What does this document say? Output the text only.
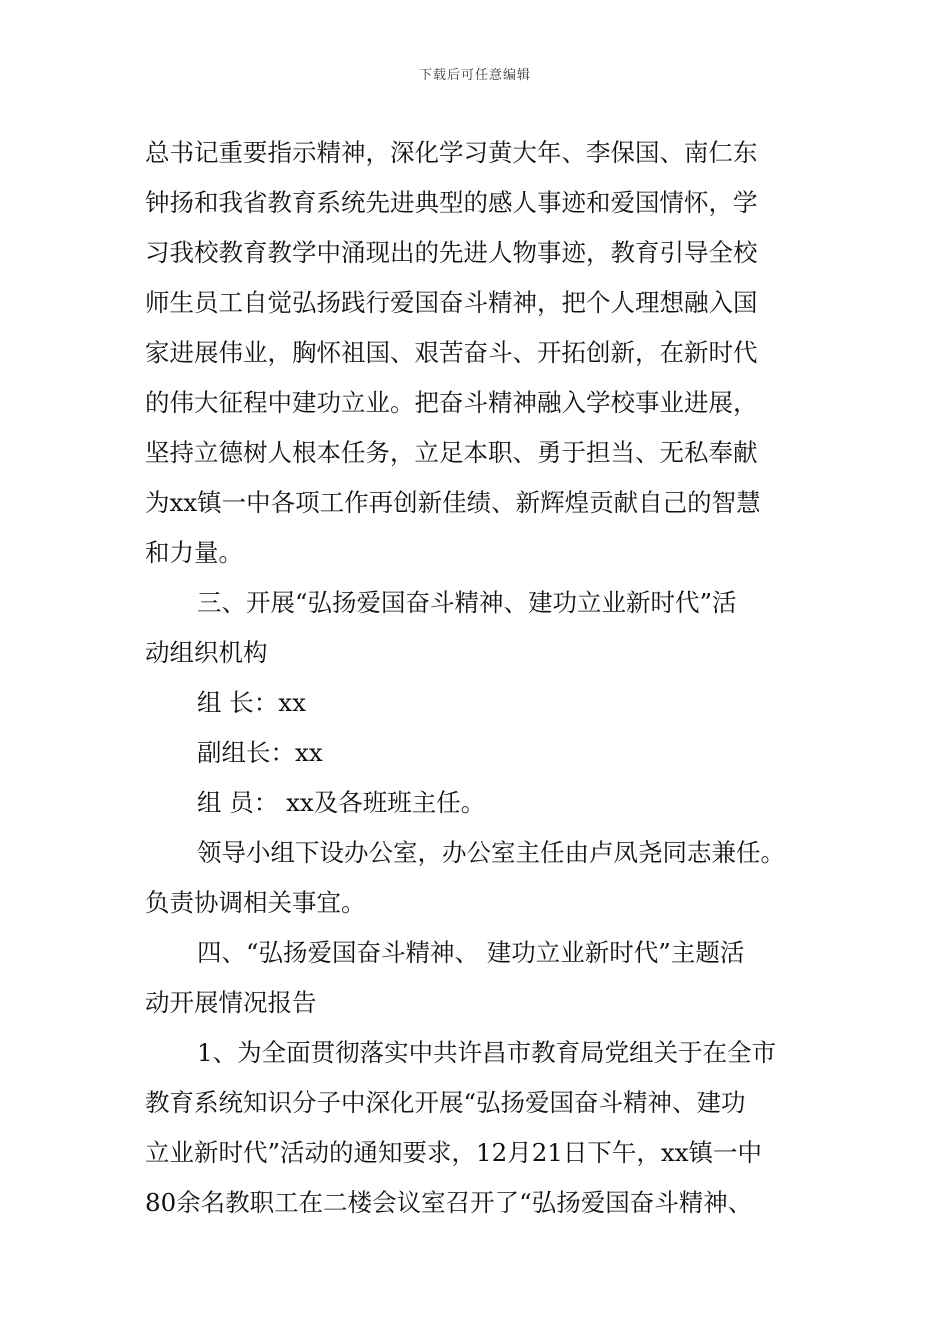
下载后可任意编辑
总书记重要指示精神，深化学习黄大年、李保国、南仁东
钟扬和我省教育系统先进典型的感人事迹和爱国情怀，学
习我校教育教学中涌现出的先进人物事迹，教育引导全校
师生员工自觉弘扬践行爱国奋斗精神，把个人理想融入国
家进展伟业，胸怀祖国、艰苦奋斗、开拓创新，在新时代
的伟大征程中建功立业。把奋斗精神融入学校事业进展，
坚持立德树人根本任务，立足本职、勇于担当、无私奉献
为xx镇一中各项工作再创新佳绩、新辉煌贡献自己的智慧
和力量。
三、开展“弘扬爱国奋斗精神、建功立业新时代”活
动组织机构
组 长：xx
副组长：xx
组 员： xx及各班班主任。
领导小组下设办公室，办公室主任由卢凤尧同志兼任。
负责协调相关事宜。
四、“弘扬爱国奋斗精神、 建功立业新时代”主题活
动开展情况报告
1、为全面贯彻落实中共许昌市教育局党组关于在全市
教育系统知识分子中深化开展“弘扬爱国奋斗精神、建功
立业新时代”活动的通知要求，12月21日下午，xx镇一中
80余名教职工在二楼会议室召开了“弘扬爱国奋斗精神、
